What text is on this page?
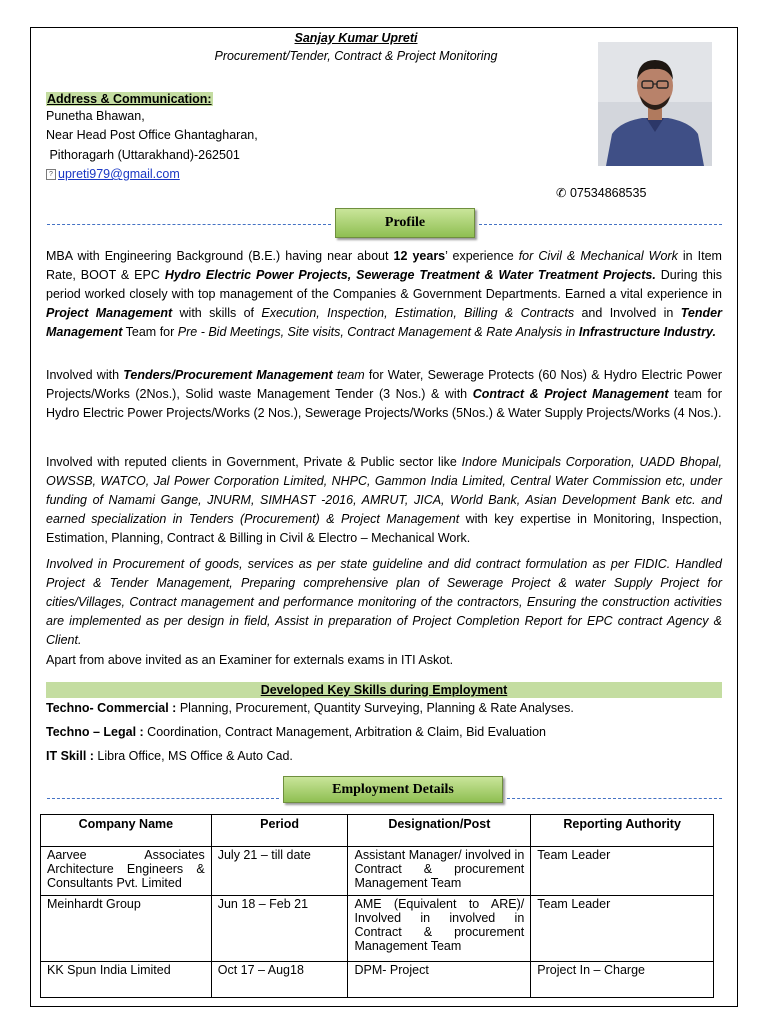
Sanjay Kumar Upreti
Procurement/Tender, Contract & Project Monitoring
Address & Communication:
Punetha Bhawan,
Near Head Post Office Ghantagharan,
Pithoragarh (Uttarakhand)-262501
? upreti979@gmail.com
✆ 07534868535
Profile
MBA with Engineering Background (B.E.) having near about 12 years’ experience for Civil & Mechanical Work in Item Rate, BOOT & EPC Hydro Electric Power Projects, Sewerage Treatment & Water Treatment Projects. During this period worked closely with top management of the Companies & Government Departments. Earned a vital experience in Project Management with skills of Execution, Inspection, Estimation, Billing & Contracts and Involved in Tender Management Team for Pre - Bid Meetings, Site visits, Contract Management & Rate Analysis in Infrastructure Industry.
Involved with Tenders/Procurement Management team for Water, Sewerage Protects (60 Nos) & Hydro Electric Power Projects/Works (2Nos.), Solid waste Management Tender (3 Nos.) & with Contract & Project Management team for Hydro Electric Power Projects/Works (2 Nos.), Sewerage Projects/Works (5Nos.) & Water Supply Projects/Works (4 Nos.).
Involved with reputed clients in Government, Private & Public sector like Indore Municipals Corporation, UADD Bhopal, OWSSB, WATCO, Jal Power Corporation Limited, NHPC, Gammon India Limited, Central Water Commission etc, under funding of Namami Gange, JNURM, SIMHAST -2016, AMRUT, JICA, World Bank, Asian Development Bank etc. and earned specialization in Tenders (Procurement) & Project Management with key expertise in Monitoring, Inspection, Estimation, Planning, Contract & Billing in Civil & Electro – Mechanical Work.
Involved in Procurement of goods, services as per state guideline and did contract formulation as per FIDIC. Handled Project & Tender Management, Preparing comprehensive plan of Sewerage Project & water Supply Project for cities/Villages, Contract management and performance monitoring of the contractors, Ensuring the construction activities are implemented as per design in field, Assist in preparation of Project Completion Report for EPC contract Agency & Client.
Apart from above invited as an Examiner for externals exams in ITI Askot.
Developed Key Skills during Employment
Techno- Commercial : Planning, Procurement, Quantity Surveying, Planning & Rate Analyses.
Techno – Legal : Coordination, Contract Management, Arbitration & Claim, Bid Evaluation
IT Skill : Libra Office, MS Office & Auto Cad.
Employment Details
Company Name	Period	Designation/Post	Reporting Authority
Aarvee Associates Architecture Engineers & Consultants Pvt. Limited	July 21 – till date	Assistant Manager/ involved in Contract & procurement Management Team	Team Leader
Meinhardt Group	Jun 18 – Feb 21	AME (Equivalent to ARE)/ Involved in involved in Contract & procurement Management Team	Team Leader
KK Spun India Limited	Oct 17 – Aug18	DPM- Project	Project In – Charge
